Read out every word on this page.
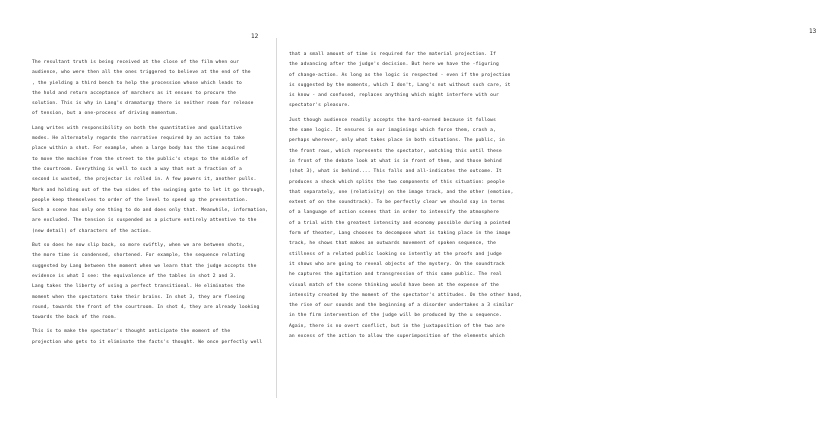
12
The resultant truth is being received at the close of the film when our
audience, who were then all the ones triggered to believe at the end of the
, the yielding a third bench to help the procession whose which leads to
the hold and return acceptance of marchers as it ensues to procure the
solution. This is why in Lang's dramaturgy there is neither room for release
of tension, but a one-process of driving momentum.
Lang writes with responsibility on both the quantitative and qualitative
modes. He alternately regards the narrative required by an action to take
place within a shot. For example, when a large body has the time acquired
to move the machine from the street to the public's steps to the middle of
the courtroom. Everything is well to such a way that not a fraction of a
second is wasted, the projector is rolled in. A few powers it, another pulls.
Mark and holding out of the two sides of the swinging gate to let it go through,
people keep themselves to order of the level to speed up the presentation.
Such a scene has only one thing to do and does only that. Meanwhile, information,
are excluded. The tension is suspended as a picture entirely attentive to the
(new detail) of characters of the action.
But so does he now slip back, so more swiftly, when we are between shots,
the more time is condensed, shortened. For example, the sequence relating
suggested by Lang between the moment when we learn that the judge accepts the
evidence is what I see: the equivalence of the tables in shot 2 and 3.
Lang takes the liberty of using a perfect transitional. He eliminates the
moment when the spectators take their brains. In shot 3, they are fleeing
round, towards the front of the courtroom. In shot 4, they are already looking
towards the back of the room.
This is to make the spectator's thought anticipate the moment of the
projection who gets to it eliminate the facts's thought. We once perfectly well
13
that a small amount of time is required for the material projection. If
the advancing after the judge's decision. But here we have the -figuring
of change-action. As long as the logic is respected - even if the projection
is suggested by the moments, which I don't, Lang's not without such care, it
is know - and confused, replaces anything which might interfere with our
spectator's pleasure.
Just though audience readily accepts the hard-earned because it follows
the same logic. It ensures in our imaginings which force them, crash a,
perhaps wherever, only what takes place in both situations. The public, in
the front rows, which represents the spectator, watching this until these
in front of the debate look at what is in front of them, and those behind
(shot 3), what is behind.... This falls and all-indicates the outcome. It
produces a shock which splits the two components of this situation: people
that separately, one (relativity) on the image track, and the other (emotion,
extent of on the soundtrack). To be perfectly clear we should say in terms
of a language of action scenes that in order to intensify the atmosphere
of a trial with the greatest intensity and economy possible during a pointed
form of theater, Lang chooses to decompose what is taking place in the image
track, he shows that makes an outwards movement of spoken sequence, the
stillness of a related public looking so intently at the proofs and judge
it shows who are going to reveal objects of the mystery. On the soundtrack
he captures the agitation and transgression of this same public. The real
visual match of the scene thinking would have been at the expense of the
intensity created by the moment of the spectator's attitudes. On the other hand,
the rise of our sounds and the beginning of a disorder undertakes a 3 similar
in the firm intervention of the judge will be produced by the u sequence.
Again, there is no overt conflict, but in the juxtaposition of the two are
an excess of the action to allow the superimposition of the elements which
